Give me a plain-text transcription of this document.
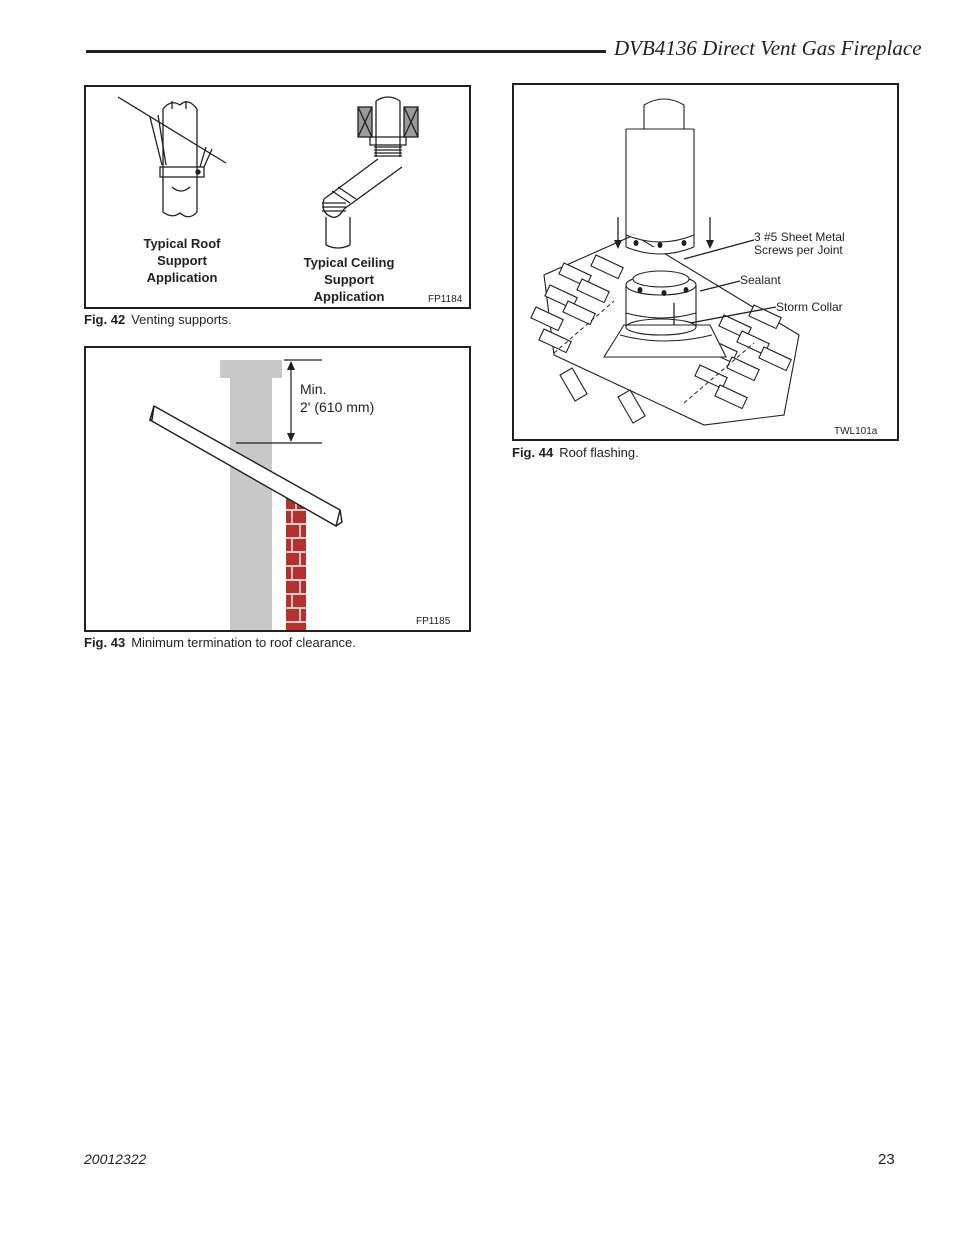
DVB4136 Direct Vent Gas Fireplace
Typical Roof Support Application
Typical Ceiling Support Application	FP1184
Fig. 42 Venting supports.
Min.
2' (610 mm)
FP1185
Fig. 43 Minimum termination to roof clearance.
3 #5 Sheet Metal Screws per Joint
Sealant
Storm Collar
TWL101a
Fig. 44 Roof flashing.
20012322	23
